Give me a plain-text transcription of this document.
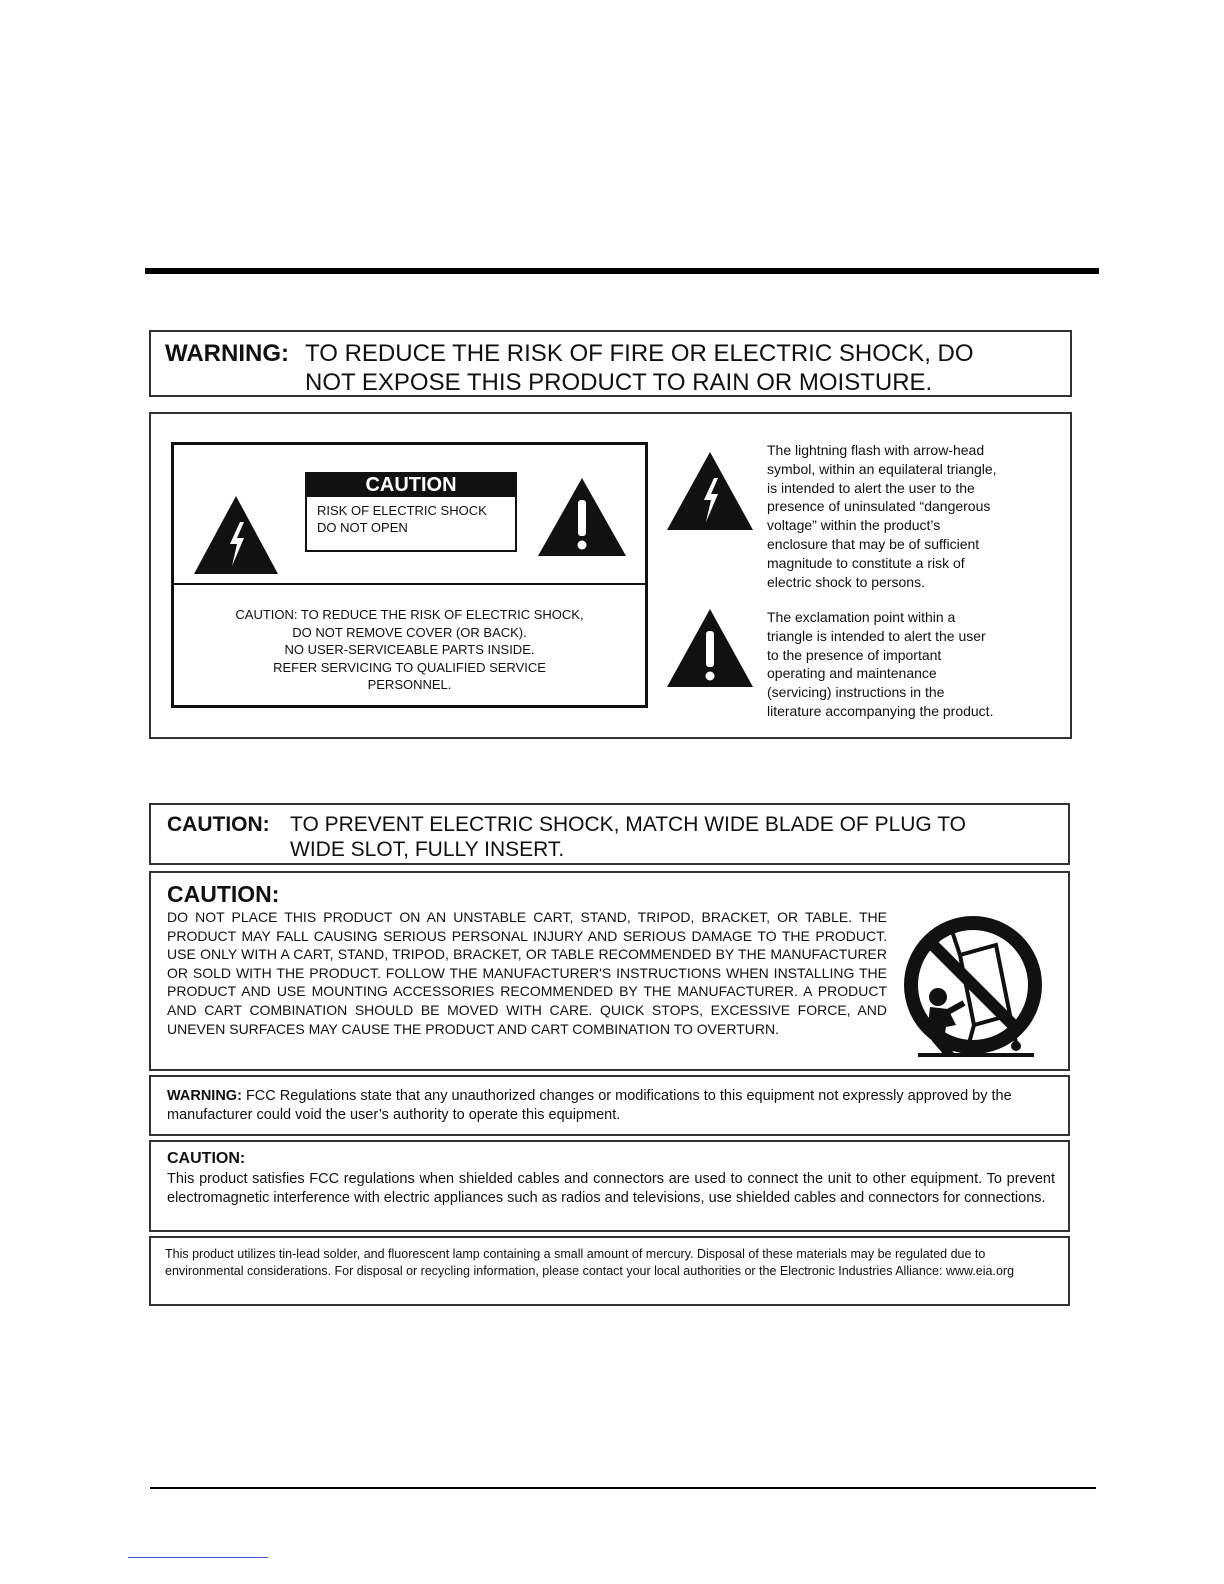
WARNING: TO REDUCE THE RISK OF FIRE OR ELECTRIC SHOCK, DO
NOT EXPOSE THIS PRODUCT TO RAIN OR MOISTURE.
CAUTION
RISK OF ELECTRIC SHOCK
DO NOT OPEN
CAUTION: TO REDUCE THE RISK OF ELECTRIC SHOCK,
DO NOT REMOVE COVER (OR BACK).
NO USER-SERVICEABLE PARTS INSIDE.
REFER SERVICING TO QUALIFIED SERVICE
PERSONNEL.
The lightning flash with arrow-head
symbol, within an equilateral triangle,
is intended to alert the user to the
presence of uninsulated “dangerous
voltage” within the product’s
enclosure that may be of sufficient
magnitude to constitute a risk of
electric shock to persons.
The exclamation point within a
triangle is intended to alert the user
to the presence of important
operating and maintenance
(servicing) instructions in the
literature accompanying the product.
CAUTION: TO PREVENT ELECTRIC SHOCK, MATCH WIDE BLADE OF PLUG TO
WIDE SLOT, FULLY INSERT.
CAUTION:
DO NOT PLACE THIS PRODUCT ON AN UNSTABLE CART, STAND, TRIPOD, BRACKET, OR TABLE. THE PRODUCT MAY FALL CAUSING SERIOUS PERSONAL INJURY AND SERIOUS DAMAGE TO THE PRODUCT. USE ONLY WITH A CART, STAND, TRIPOD, BRACKET, OR TABLE RECOMMENDED BY THE MANUFACTURER OR SOLD WITH THE PRODUCT. FOLLOW THE MANUFACTURER'S INSTRUCTIONS WHEN INSTALLING THE PRODUCT AND USE MOUNTING ACCESSORIES RECOMMENDED BY THE MANUFACTURER. A PRODUCT AND CART COMBINATION SHOULD BE MOVED WITH CARE. QUICK STOPS, EXCESSIVE FORCE, AND UNEVEN SURFACES MAY CAUSE THE PRODUCT AND CART COMBINATION TO OVERTURN.
WARNING: FCC Regulations state that any unauthorized changes or modifications to this equipment not expressly approved by the manufacturer could void the user’s authority to operate this equipment.
CAUTION:
This product satisfies FCC regulations when shielded cables and connectors are used to connect the unit to other equipment. To prevent electromagnetic interference with electric appliances such as radios and televisions, use shielded cables and connectors for connections.
This product utilizes tin-lead solder, and fluorescent lamp containing a small amount of mercury. Disposal of these materials may be regulated due to environmental considerations. For disposal or recycling information, please contact your local authorities or the Electronic Industries Alliance: www.eia.org
